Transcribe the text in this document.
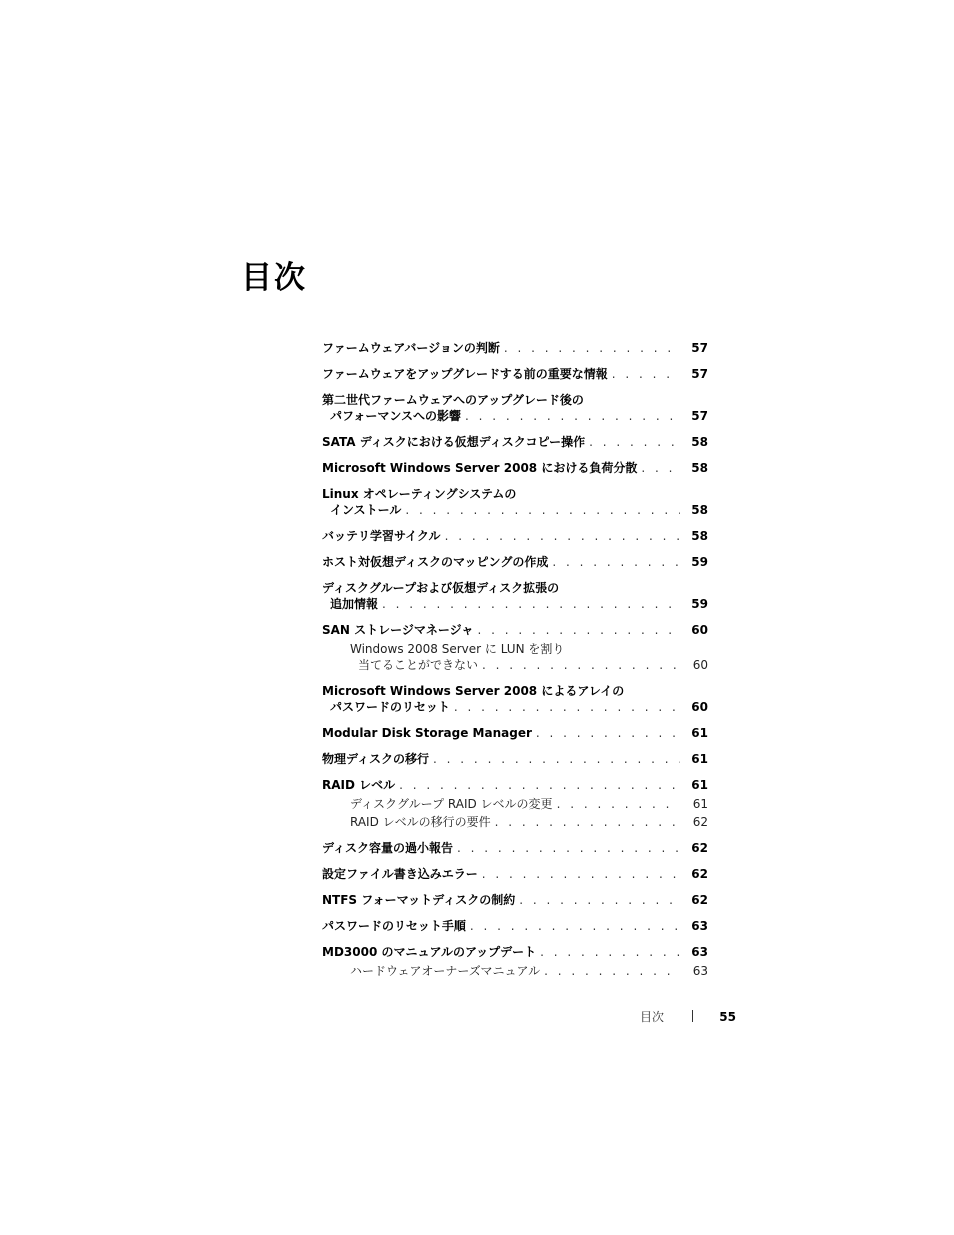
目次
ファームウェアバージョンの判断 . . .	57
ファームウェアをアップグレードする前の重要な情報 . . .	57
第二世代ファームウェアへのアップグレード後の
パフォーマンスへの影響 . . .	57
SATA ディスクにおける仮想ディスクコピー操作 . . .	58
Microsoft Windows Server 2008 における負荷分散 . . .	58
Linux オペレーティングシステムの
インストール . . .	58
バッテリ学習サイクル . . .	58
ホスト対仮想ディスクのマッピングの作成 . . .	59
ディスクグループおよび仮想ディスク拡張の
追加情報 . . .	59
SAN ストレージマネージャ . . .	60
Windows 2008 Server に LUN を割り
当てることができない . . .	60
Microsoft Windows Server 2008 によるアレイの
パスワードのリセット . . .	60
Modular Disk Storage Manager . . .	61
物理ディスクの移行 . . .	61
RAID レベル . . .	61
ディスクグループ RAID レベルの変更 . . .	61
RAID レベルの移行の要件 . . .	62
ディスク容量の過小報告 . . .	62
設定ファイル書き込みエラー . . .	62
NTFS フォーマットディスクの制約 . . .	62
パスワードのリセット手順 . . .	63
MD3000 のマニュアルのアップデート . . .	63
ハードウェアオーナーズマニュアル . . .	63
目次	55
